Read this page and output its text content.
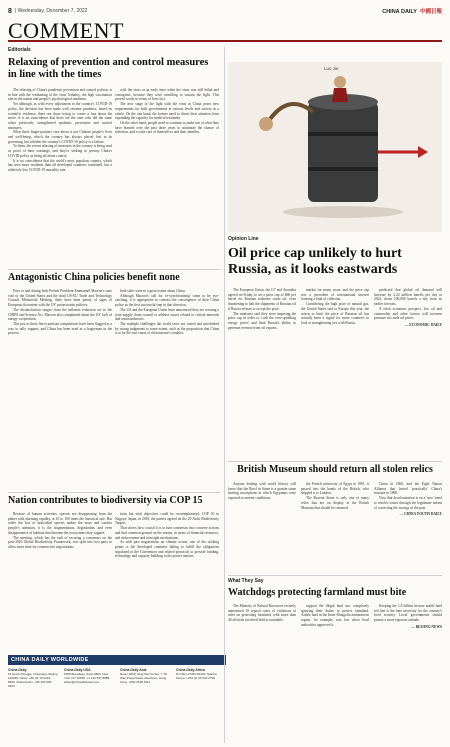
8 | Wednesday, December 7, 2022	CHINA DAILY 中國日報
COMMENT
Editorials
Relaxing of prevention and control measures in line with the times

The relaxing of China's pandemic prevention and control policies is in line with the weakening of the virus' lethality, the high vaccination rate in the nation and people's psychological readiness.

Yet although, as with every adjustment in the country's COVID-19 policy, the decision has been made with extreme prudence, based on scientific evidence, there are those trying to create a fuss about the move. It is no coincidence that these are the ones who did the same when previously strengthened epidemic prevention and control measures.

What these finger-pointers care about is not Chinese people's lives and well-being, which the country has always placed first in its governing, but whether the country's COVID-19 policy is a failure.

To them, the recent relaxing of measures in the country is being read as proof of their warnings, and they're seeking to portray China's COVID policy as being all about control.

It is no coincidence that the world's most populous country, which has seen more residents than all developed countries combined, has a relatively low COVID-19 mortality rate.

with the virus at an early time when the virus was still lethal and contagious, because they were unwilling to sustain the fight. This proved costly in terms of lives lost.

The new stage of the fight with the virus in China poses new requirements for both governments at various levels and society as a whole. On the one hand, the former need to divert their attention from expanding the capacity for medical treatment.

On the other hand, people need to continue to make use of what they have learned over the past three years to minimize the chance of infection, and to take care of themselves and their families.

Antagonistic China policies benefit none

Prior to and during both French President Emmanuel Macron's state visit to the United States and the third US-EU Trade and Technology Council Ministerial Meeting, there have been plenty of signs of European discontent with the US' protectionist policies.

The dissatisfaction ranges from the inflation reduction act to the CHIPS and Science Act. Macron also complained about the US' lack of energy cooperation.

This just as these fierce partisan competitions have been flagged as a way to rally support, and China has been used as a bogeyman in the process.

both sides were to a great extent about China.

Although Macron's call for 're-synchronizing' came to be eye-catching, it is appropriate to contrast the convergence of their China policy as the first successful step in that direction.

The US and the European Union have announced they are creating a joint supply chain council to address issues related to critical minerals and semiconductors.

The multiple challenges the world faces are varied and interlinked by wrong judgments to some extent, such as the proposition that China is to be the root cause of all nonsense's troubles.

Nation contributes to biodiversity via COP 15

Because of human activities, species are disappearing from the planet with alarming rapidity, at 10 to 100 times the historical rate. But while the loss of individual species makes the news and catches people's attention, it is the fragmentation, degradation, and even disappearance of habitats that threaten the ecosystems they support.

The meeting, which has the task of securing a consensus on the post-2020 Global Biodiversity Framework, was split into two parts to allow more time for constructive negotiations.

tions but vital objectives could be overemphasized, COP 10 in Nagoya, Japan, in 2010, the parties agreed on the 20 Aichi Biodiversity Targets.

That shows how crucial it is to turn consensus into concrete actions and find common ground on the means, in terms of financial resources, and enforcement and oversight mechanisms.

As with past negotiations on climate action, one of the sticking points is the developed countries failing to fulfill the obligations stipulated in the Convention and related protocols to provide funding, technology and capacity building to the poorer nations.

CHINA DAILY WORLDWIDE
China Daily
15 Huixin Dongjie, Chaoyang, Beijing 100029. News: +86 (0) 10 6491-8366. Subscription: +86 400 699 0203
China Daily USA
1500 Broadway, Suite 2800, New York, NY 10036. +1 212 537 8888. editor@chinadailyusa.com
China Daily Asia
Room 1818, Hing Wai Centre, 7 Tin Wan Praya Road, Aberdeen, Hong Kong. +852 2518 5111
China Daily Africa
P.O.Box 27281-00100, Nairobi, Kenya. +254 (0) 20 522 2799
Luo Jie
Opinion Line
Oil price cap unlikely to hurt Russia, as it looks eastwards

The European Union, the G7 and Australia agreed on Friday to set a price cap of $60 per barrel for Russian seaborne crude oil, even threatening to halt the shipments of Russian oil if Russia refuses to accept the price.

The ministers said they were imposing the price cap in order to 'curb the ever-spiralling energy prices' and limit Russia's ability to generate revenue from oil exports.

market for many years, and the price cap sets a precedent of international interest forming a kind of collusion.

Considering the high price of natural gas, the United States said to Europe this year, the action to limit the price of Russian oil has actually been a signal for more countries to look at strengthening ties with Russia.

predicted that global oil demand will increase by 2.24 million barrels per day in 2023, down 100,000 barrels a day from its earlier forecast.

A fresh economic prospect, low oil and commodity and other factors will increase pressure on crude oil prices.

— ECONOMIC DAILY

British Museum should return all stolen relics

Anyone dealing with world history will know that the Bowl in Stone is a granite stone bearing inscriptions in which Egyptians were exposed to unseen conditions.

the French university of Egypt in 1801, it passed into the hands of the British, who shipped it to London.

The Rosetta Stone is only one of many relics that are on display at the British Museum that should be returned.

China in 1860, and the Eight Nation Alliance that looted 'practically' China's treasure in 1900.

Now that decolonization is on a 'new' trend to resolve issues through the legitimate means of correcting the wrongs of the past.

— CHINA YOUTH DAILY

What They Say
Watchdogs protecting farmland must bite

The Ministry of Natural Resources recently announced 10 typical cases of violations of rules on protecting farmland, with more than 40 officials involved held accountable.

support the illegal land use, completely ignoring their duties to protect farmland. Arable land in the Inner Mongolia autonomous region, for example, was lost when local authorities approved it.

Keeping the 1.8 billion hectare arable land red line is the bare necessity for the country's food security. Local governments should pursue a more rigorous attitude.

— BEIJING NEWS
